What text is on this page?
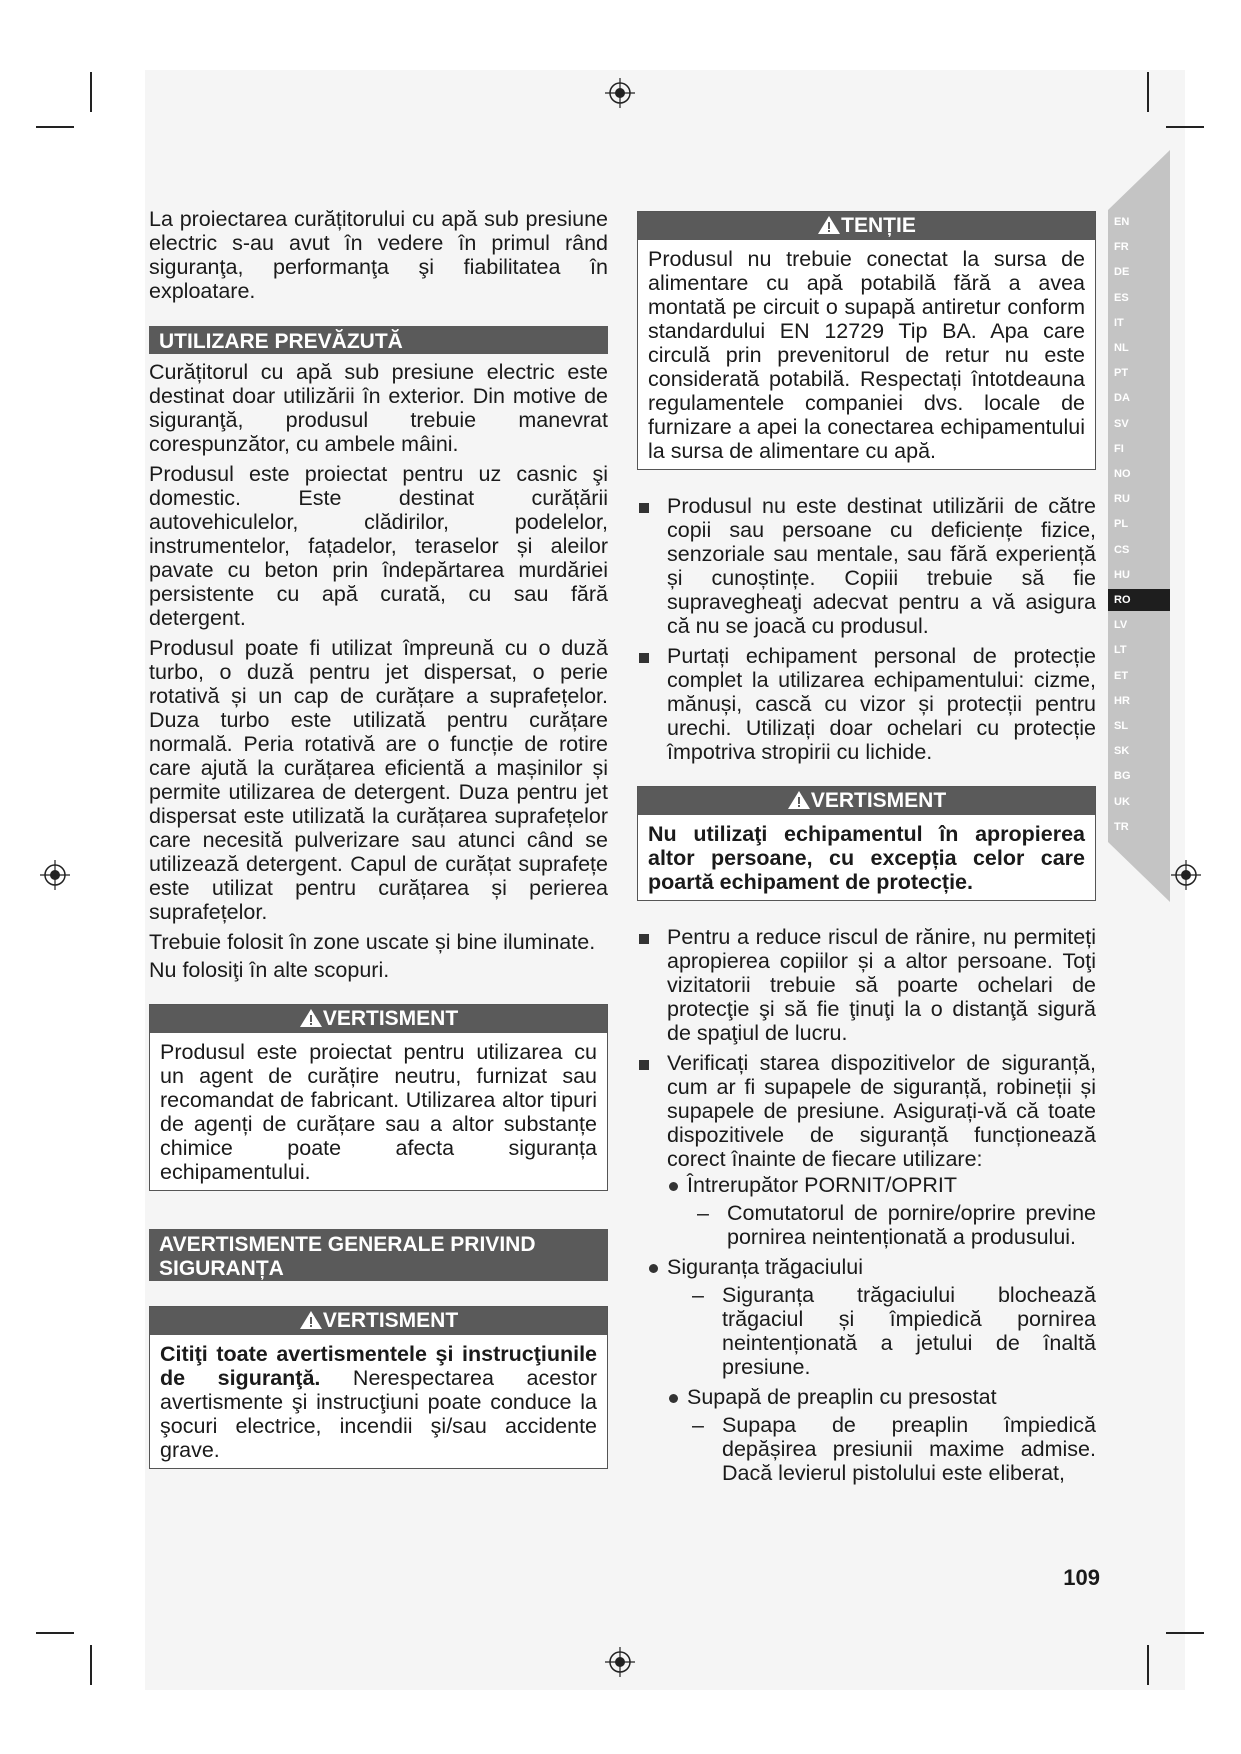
EN
FR
DE
ES
IT
NL
PT
DA
SV
FI
NO
RU
PL
CS
HU
RO
LV
LT
ET
HR
SL
SK
BG
UK
TR

La proiectarea curățitorului cu apă sub presiune electric s-au avut în vedere în primul rând siguranţa, performanţa şi fiabilitatea în exploatare.

UTILIZARE PREVĂZUTĂ

Curățitorul cu apă sub presiune electric este destinat doar utilizării în exterior. Din motive de siguranţă, produsul trebuie manevrat corespunzător, cu ambele mâini.

Produsul este proiectat pentru uz casnic şi domestic. Este destinat curățării autovehiculelor, clădirilor, podelelor, instrumentelor, fațadelor, teraselor și aleilor pavate cu beton prin îndepărtarea murdăriei persistente cu apă curată, cu sau fără detergent.

Produsul poate fi utilizat împreună cu o duză turbo, o duză pentru jet dispersat, o perie rotativă și un cap de curățare a suprafețelor. Duza turbo este utilizată pentru curățare normală. Peria rotativă are o funcție de rotire care ajută la curățarea eficientă a mașinilor și permite utilizarea de detergent. Duza pentru jet dispersat este utilizată la curățarea suprafețelor care necesită pulverizare sau atunci când se utilizează detergent. Capul de curățat suprafețe este utilizat pentru curățarea și perierea suprafețelor.

Trebuie folosit în zone uscate și bine iluminate.

Nu folosiţi în alte scopuri.

VERTISMENT
Produsul este proiectat pentru utilizarea cu un agent de curățire neutru, furnizat sau recomandat de fabricant. Utilizarea altor tipuri de agenți de curățare sau a altor substanțe chimice poate afecta siguranța echipamentului.
AVERTISMENTE GENERALE PRIVIND SIGURANȚA
VERTISMENT
Citiţi toate avertismentele şi instrucţiunile de siguranţă. Nerespectarea acestor avertismente şi instrucţiuni poate conduce la şocuri electrice, incendii şi/sau accidente grave.
TENȚIE
Produsul nu trebuie conectat la sursa de alimentare cu apă potabilă fără a avea montată pe circuit o supapă antiretur conform standardului EN 12729 Tip BA. Apa care circulă prin prevenitorul de retur nu este considerată potabilă. Respectați întotdeauna regulamentele companiei dvs. locale de furnizare a apei la conectarea echipamentului la sursa de alimentare cu apă.
Produsul nu este destinat utilizării de către copii sau persoane cu deficiențe fizice, senzoriale sau mentale, sau fără experiență și cunoștințe. Copiii trebuie să fie supravegheaţi adecvat pentru a vă asigura că nu se joacă cu produsul.
Purtați echipament personal de protecție complet la utilizarea echipamentului: cizme, mănuși, cască cu vizor și protecții pentru urechi. Utilizați doar ochelari cu protecție împotriva stropirii cu lichide.
VERTISMENT
Nu utilizaţi echipamentul în apropierea altor persoane, cu excepția celor care poartă echipament de protecție.
Pentru a reduce riscul de rănire, nu permiteți apropierea copiilor și a altor persoane. Toţi vizitatorii trebuie să poarte ochelari de protecţie şi să fie ţinuţi la o distanţă sigură de spaţiul de lucru.
Verificați starea dispozitivelor de siguranță, cum ar fi supapele de siguranță, robineții și supapele de presiune. Asigurați-vă că toate dispozitivele de siguranță funcționează corect înainte de fiecare utilizare:
Întrerupător PORNIT/OPRIT
– Comutatorul de pornire/oprire previne pornirea neintenționată a produsului.
Siguranța trăgaciului
– Siguranța trăgaciului blochează trăgaciul și împiedică pornirea neintenționată a jetului de înaltă presiune.
Supapă de preaplin cu presostat
– Supapa de preaplin împiedică depășirea presiunii maxime admise. Dacă levierul pistolului este eliberat,
109
